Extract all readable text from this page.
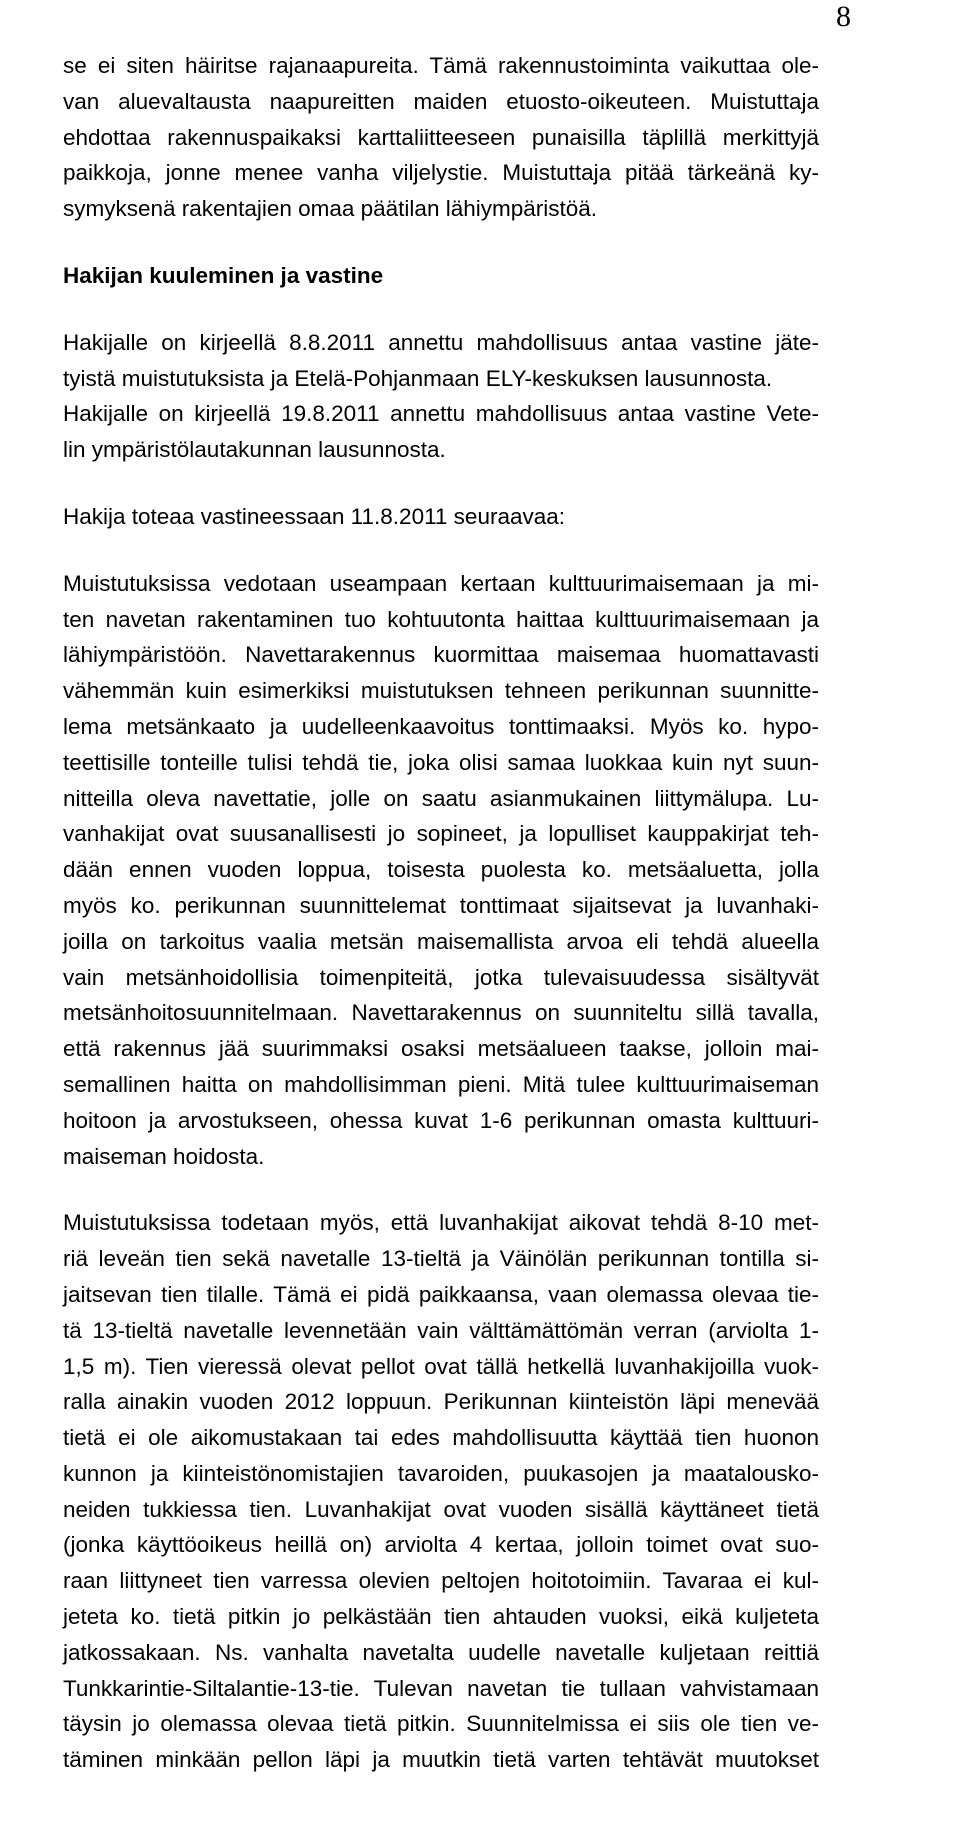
8
se ei siten häiritse rajanaapureita. Tämä rakennustoiminta vaikuttaa ole-
van aluevaltausta naapureitten maiden etuosto-oikeuteen. Muistuttaja
ehdottaa rakennuspaikaksi karttaliitteeseen punaisilla täplillä merkittyjä
paikkoja, jonne menee vanha viljelystie. Muistuttaja pitää tärkeänä ky-
symyksenä rakentajien omaa päätilan lähiympäristöä.
Hakijan kuuleminen ja vastine
Hakijalle on kirjeellä 8.8.2011 annettu mahdollisuus antaa vastine jäte-
tyistä muistutuksista ja Etelä-Pohjanmaan ELY-keskuksen lausunnosta.
Hakijalle on kirjeellä 19.8.2011 annettu mahdollisuus antaa vastine Vete-
lin ympäristölautakunnan lausunnosta.
Hakija toteaa vastineessaan 11.8.2011 seuraavaa:
Muistutuksissa vedotaan useampaan kertaan kulttuurimaisemaan ja mi-
ten navetan rakentaminen tuo kohtuutonta haittaa kulttuurimaisemaan ja
lähiympäristöön. Navettarakennus kuormittaa maisemaa huomattavasti
vähemmän kuin esimerkiksi muistutuksen tehneen perikunnan suunnitte-
lema metsänkaato ja uudelleenkaavoitus tonttimaaksi. Myös ko. hypo-
teettisille tonteille tulisi tehdä tie, joka olisi samaa luokkaa kuin nyt suun-
nitteilla oleva navettatie, jolle on saatu asianmukainen liittymälupa. Lu-
vanhakijat ovat suusanallisesti jo sopineet, ja lopulliset kauppakirjat teh-
dään ennen vuoden loppua, toisesta puolesta ko. metsäaluetta, jolla
myös ko. perikunnan suunnittelemat tonttimaat sijaitsevat ja luvanhaki-
joilla on tarkoitus vaalia metsän maisemallista arvoa eli tehdä alueella
vain metsänhoidollisia toimenpiteitä, jotka tulevaisuudessa sisältyvät
metsänhoitosuunnitelmaan. Navettarakennus on suunniteltu sillä tavalla,
että rakennus jää suurimmaksi osaksi metsäalueen taakse, jolloin mai-
semallinen haitta on mahdollisimman pieni. Mitä tulee kulttuurimaiseman
hoitoon ja arvostukseen, ohessa kuvat 1-6 perikunnan omasta kulttuuri-
maiseman hoidosta.
Muistutuksissa todetaan myös, että luvanhakijat aikovat tehdä 8-10 met-
riä leveän tien sekä navetalle 13-tieltä ja Väinölän perikunnan tontilla si-
jaitsevan tien tilalle. Tämä ei pidä paikkaansa, vaan olemassa olevaa tie-
tä 13-tieltä navetalle levennetään vain välttämättömän verran (arviolta 1-
1,5 m). Tien vieressä olevat pellot ovat tällä hetkellä luvanhakijoilla vuok-
ralla ainakin vuoden 2012 loppuun. Perikunnan kiinteistön läpi menevää
tietä ei ole aikomustakaan tai edes mahdollisuutta käyttää tien huonon
kunnon ja kiinteistönomistajien tavaroiden, puukasojen ja maatalousko-
neiden tukkiessa tien. Luvanhakijat ovat vuoden sisällä käyttäneet tietä
(jonka käyttöoikeus heillä on) arviolta 4 kertaa, jolloin toimet ovat suo-
raan liittyneet tien varressa olevien peltojen hoitotoimiin. Tavaraa ei kul-
jeteta ko. tietä pitkin jo pelkästään tien ahtauden vuoksi, eikä kuljeteta
jatkossakaan. Ns. vanhalta navetalta uudelle navetalle kuljetaan reittiä
Tunkkarintie-Siltalantie-13-tie. Tulevan navetan tie tullaan vahvistamaan
täysin jo olemassa olevaa tietä pitkin. Suunnitelmissa ei siis ole tien ve-
täminen minkään pellon läpi ja muutkin tietä varten tehtävät muutokset
